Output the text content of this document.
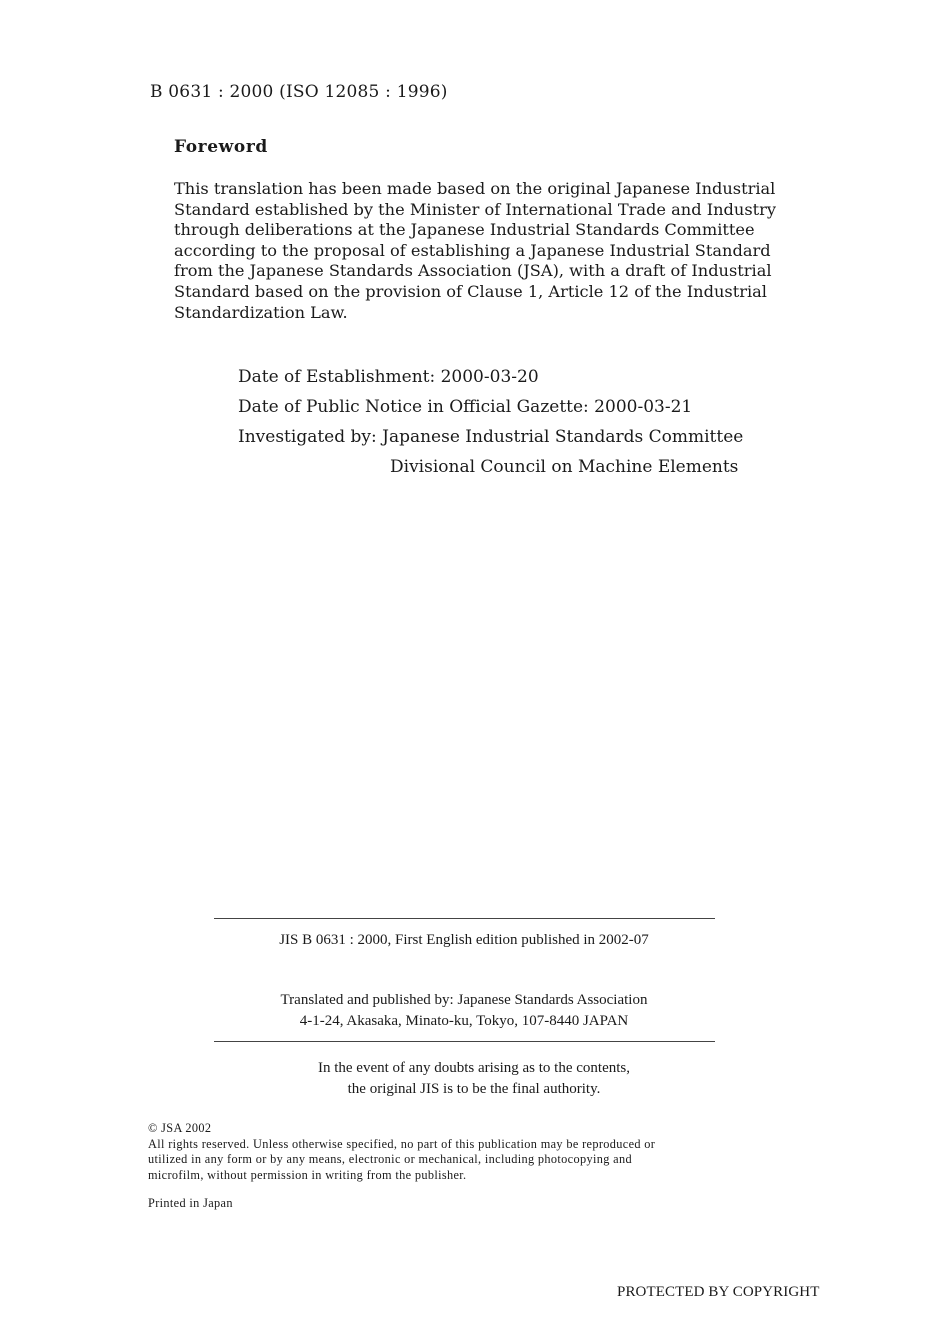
B 0631 : 2000 (ISO 12085 : 1996)
Foreword
This translation has been made based on the original Japanese Industrial
Standard established by the Minister of International Trade and Industry
through deliberations at the Japanese Industrial Standards Committee
according to the proposal of establishing a Japanese Industrial Standard
from the Japanese Standards Association (JSA), with a draft of Industrial
Standard based on the provision of Clause 1, Article 12 of the Industrial
Standardization Law.
Date of Establishment: 2000-03-20
Date of Public Notice in Official Gazette: 2000-03-21
Investigated by: Japanese Industrial Standards Committee
Divisional Council on Machine Elements
JIS B 0631 : 2000, First English edition published in 2002-07
Translated and published by: Japanese Standards Association
4-1-24, Akasaka, Minato-ku, Tokyo, 107-8440 JAPAN
In the event of any doubts arising as to the contents,
the original JIS is to be the final authority.
© JSA 2002
All rights reserved. Unless otherwise specified, no part of this publication may be reproduced or
utilized in any form or by any means, electronic or mechanical, including photocopying and
microfilm, without permission in writing from the publisher.
Printed in Japan
PROTECTED BY COPYRIGHT
